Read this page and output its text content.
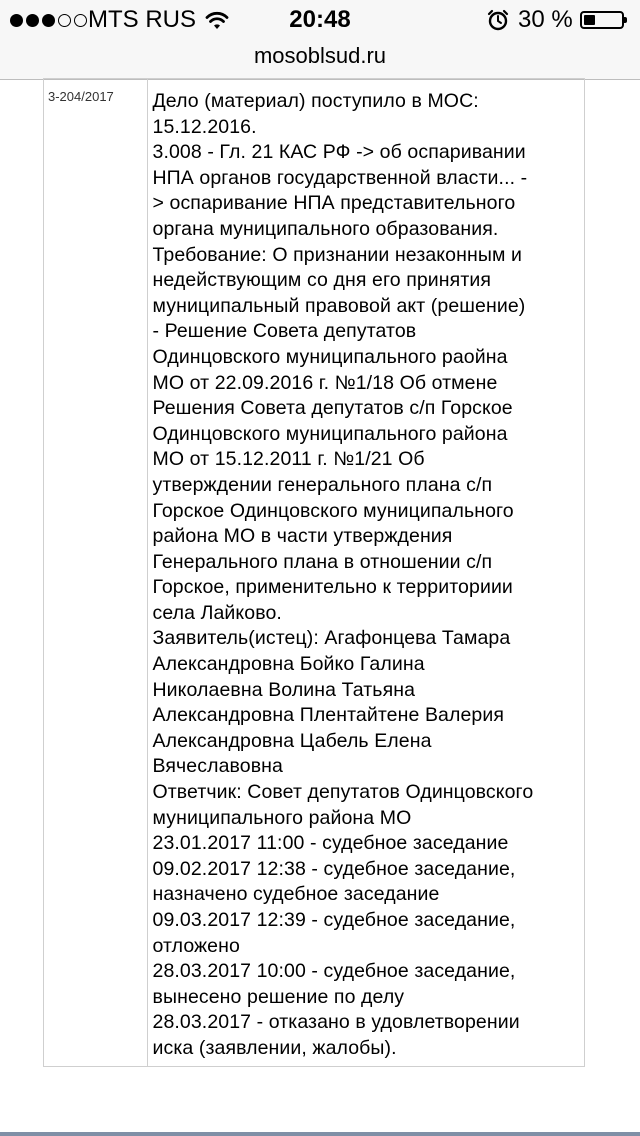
MTS RUS	20:48	30 %
mosoblsud.ru
3-204/2017	Дело (материал) поступило в МОС:
15.12.2016.
3.008 - Гл. 21 КАС РФ -> об оспаривании
НПА органов государственной власти... -
> оспаривание НПА представительного
органа муниципального образования.
Требование: О признании незаконным и
недействующим со дня его принятия
муниципальный правовой акт (решение)
- Решение Совета депутатов
Одинцовского муниципального раойна
МО от 22.09.2016 г. №1/18 Об отмене
Решения Совета депутатов с/п Горское
Одинцовского муниципального района
МО от 15.12.2011 г. №1/21 Об
утверждении генерального плана с/п
Горское Одинцовского муниципального
района МО в части утверждения
Генерального плана в отношении с/п
Горское, применительно к территориии
села Лайково.
Заявитель(истец): Агафонцева Тамара
Александровна Бойко Галина
Николаевна Волина Татьяна
Александровна Плентайтене Валерия
Александровна Цабель Елена
Вячеславовна
Ответчик: Совет депутатов Одинцовского
муниципального района МО
23.01.2017 11:00 - судебное заседание
09.02.2017 12:38 - судебное заседание,
назначено судебное заседание
09.03.2017 12:39 - судебное заседание,
отложено
28.03.2017 10:00 - судебное заседание,
вынесено решение по делу
28.03.2017 - отказано в удовлетворении
иска (заявлении, жалобы).
